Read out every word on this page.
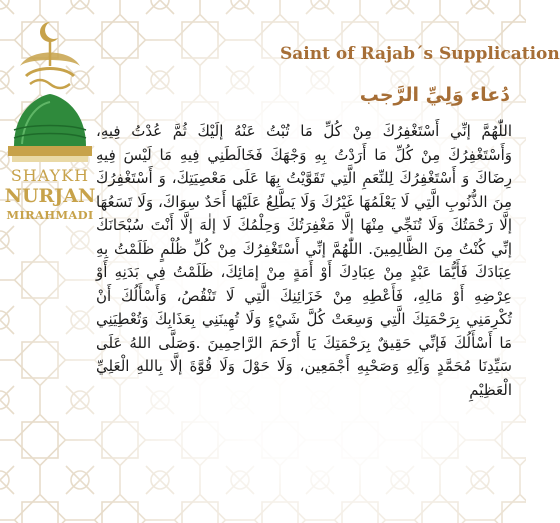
SHAYKH
NURJAN
MIRAHMADI
Saint of Rajab´s Supplication
دُعاء وَلِيِّ الرَّجب
اللّٰهُمَّ إنِّي أَسْتَغْفِرُكَ مِنْ كُلِّ مَا تُبْتُ عَنْهُ إلَيْكَ ثُمَّ عُدْتُ فِيهِ، وَأَسْتَغْفِرُكَ مِنْ كُلِّ مَا أَرَدْتُ بِهِ وَجْهَكَ فَخَالَطَنِي فِيهِ مَا لَيْسَ فِيهِ رِضَاكَ وَ أَسْتَغْفِرُكَ لِلنِّعَمِ الَّتِي تَقَوَّيْتُ بِهَا عَلَى مَعْصِيَتِكَ، وَ أَسْتَغْفِرُكَ مِنَ الذُّنُوبِ الَّتِي لَا يَعْلَمُهَا غَيْرُكَ وَلَا يَطَّلِعُ عَلَيْهَا أَحَدٌ سِوَاكَ، وَلَا تَسَعُهَا إلَّا رَحْمَتُكَ وَلَا تُنَجِّي مِنْهَا إلَّا مَغْفِرَتُكَ وَحِلْمُكَ لَا إلٰهَ إلَّا أَنْتَ سُبْحَانَكَ إنِّي كُنْتُ مِنَ الظَّالِمِينَ. اللّٰهُمَّ إنِّي أَسْتَغْفِرُكَ مِنْ كُلِّ ظُلْمٍ ظَلَمْتُ بِهِ عِبَادَكَ فَأَيُّمَا عَبْدٍ مِنْ عِبَادِكَ أَوْ أَمَةٍ مِنْ إمَائِكَ، ظَلَمْتُ فِي بَدَنِهِ أَوْ عِرْضِهِ أَوْ مَالِهِ، فَأَعْطِهِ مِنْ خَزَائِنِكَ الَّتِي لَا تَنْقُصُ، وَأَسْأَلُكَ أَنْ تُكْرِمَنِي بِرَحْمَتِكَ الَّتِي وَسِعَتْ كُلَّ شَيْءٍ وَلَا تُهِينَنِي بِعَذَابِكَ وَتُعْطِيَنِي مَا أَسْأَلُكَ فَإنِّي حَقِيقٌ بِرَحْمَتِكَ يَا أَرْحَمَ الرَّاحِمِينَ .وَصَلَّى اللهُ عَلَى سَيِّدِنَا مُحَمَّدٍ وَآلِهِ وَصَحْبِهِ أَجْمَعِين، وَلَا حَوْلَ وَلَا قُوَّةَ إلَّا بِاللهِ الْعَلِيِّ الْعَظِيْمِ
